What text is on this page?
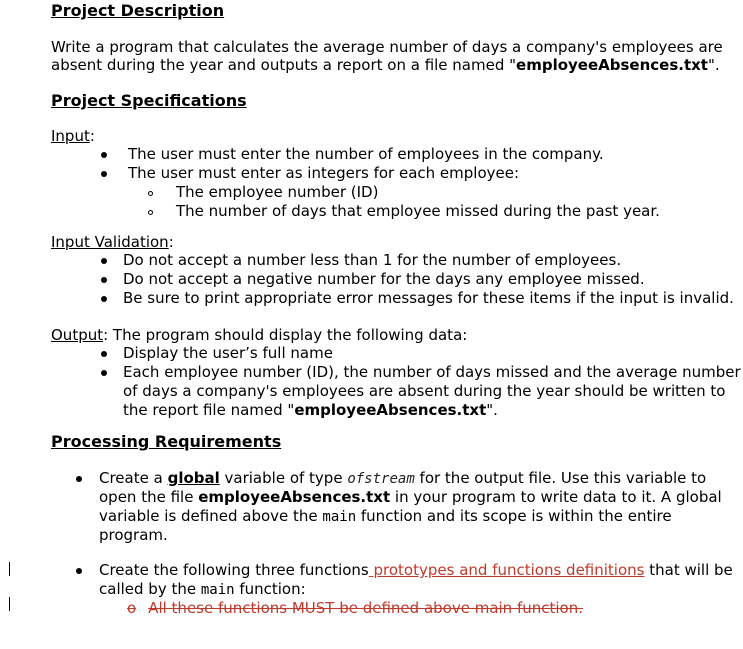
Project Description
Write a program that calculates the average number of days a company's employees are
absent during the year and outputs a report on a file named "employeeAbsences.txt".
Project Specifications
Input:
The user must enter the number of employees in the company.
The user must enter as integers for each employee:
The employee number (ID)
The number of days that employee missed during the past year.
Input Validation:
Do not accept a number less than 1 for the number of employees.
Do not accept a negative number for the days any employee missed.
Be sure to print appropriate error messages for these items if the input is invalid.
Output: The program should display the following data:
Display the user’s full name
Each employee number (ID), the number of days missed and the average number
of days a company's employees are absent during the year should be written to
the report file named "employeeAbsences.txt".
Processing Requirements
Create a global variable of type ofstream for the output file. Use this variable to
open the file employeeAbsences.txt in your program to write data to it. A global
variable is defined above the main function and its scope is within the entire
program.
Create the following three functions prototypes and functions definitions that will be
called by the main function:
o All these functions MUST be defined above main function.
